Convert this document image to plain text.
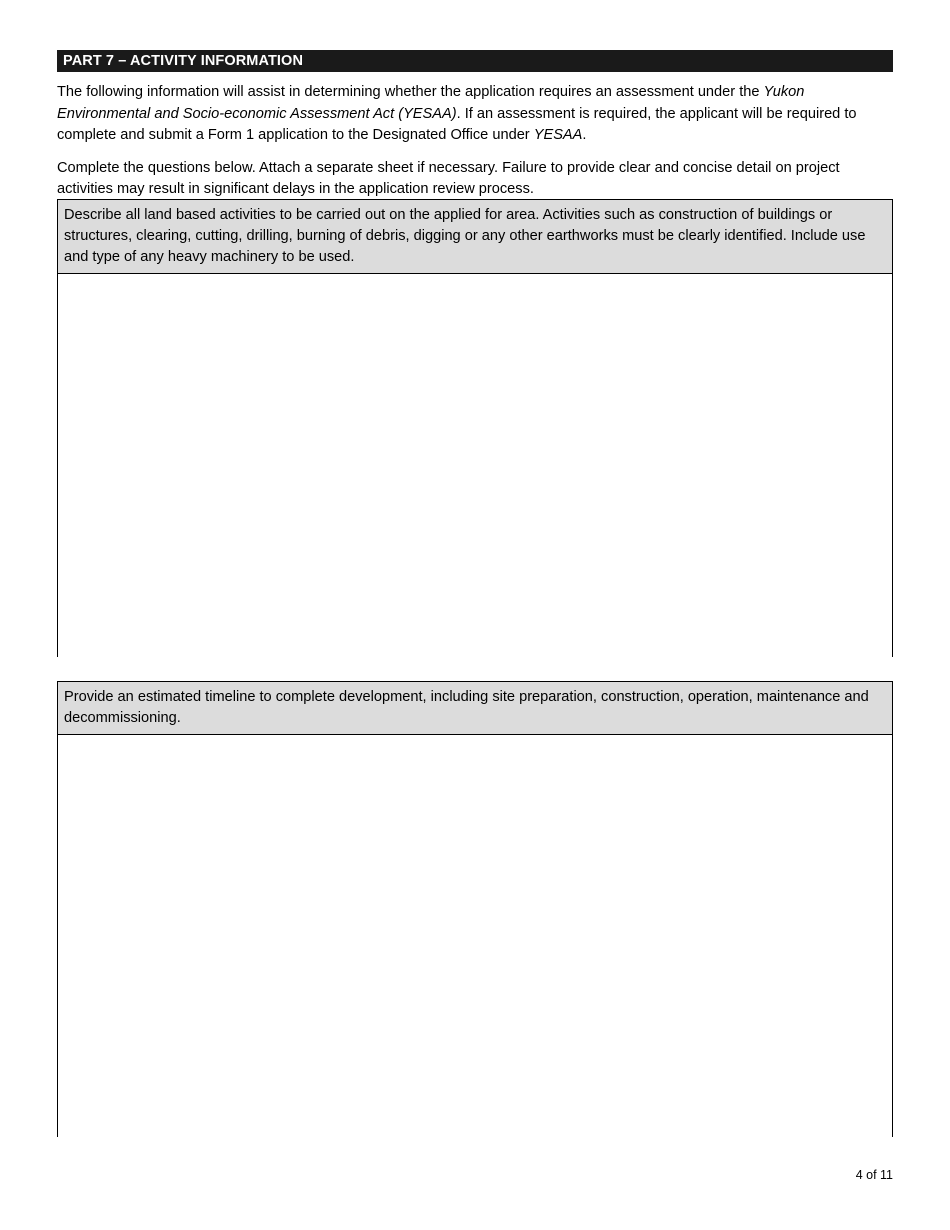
PART 7 – ACTIVITY INFORMATION

The following information will assist in determining whether the application requires an assessment under the Yukon Environmental and Socio-economic Assessment Act (YESAA). If an assessment is required, the applicant will be required to complete and submit a Form 1 application to the Designated Office under YESAA.

Complete the questions below. Attach a separate sheet if necessary. Failure to provide clear and concise detail on project activities may result in significant delays in the application review process.

Describe all land based activities to be carried out on the applied for area. Activities such as construction of buildings or structures, clearing, cutting, drilling, burning of debris, digging or any other earthworks must be clearly identified. Include use and type of any heavy machinery to be used.
Provide an estimated timeline to complete development, including site preparation, construction, operation, maintenance and decommissioning.
4 of 11
